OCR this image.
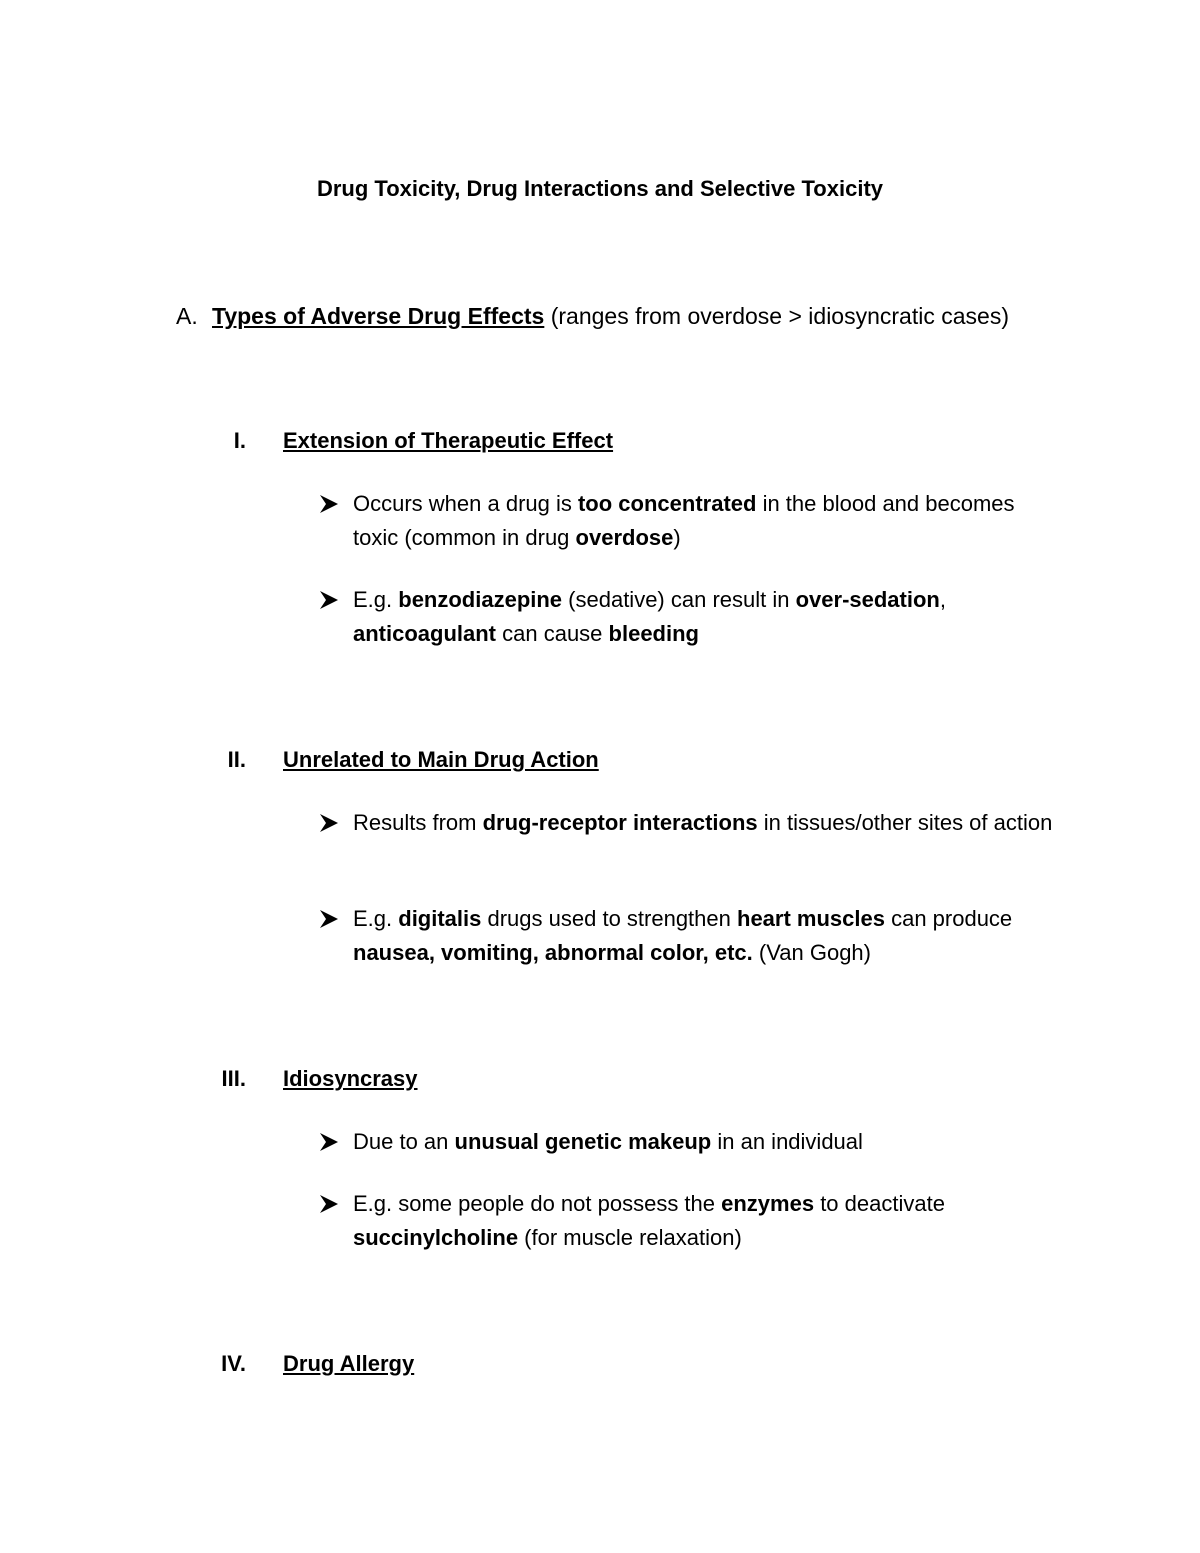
Drug Toxicity, Drug Interactions and Selective Toxicity
A. Types of Adverse Drug Effects (ranges from overdose > idiosyncratic cases)
I. Extension of Therapeutic Effect
Occurs when a drug is too concentrated in the blood and becomes toxic (common in drug overdose)
E.g. benzodiazepine (sedative) can result in over-sedation, anticoagulant can cause bleeding
II. Unrelated to Main Drug Action
Results from drug-receptor interactions in tissues/other sites of action
E.g. digitalis drugs used to strengthen heart muscles can produce nausea, vomiting, abnormal color, etc. (Van Gogh)
III. Idiosyncrasy
Due to an unusual genetic makeup in an individual
E.g. some people do not possess the enzymes to deactivate succinylcholine (for muscle relaxation)
IV. Drug Allergy
